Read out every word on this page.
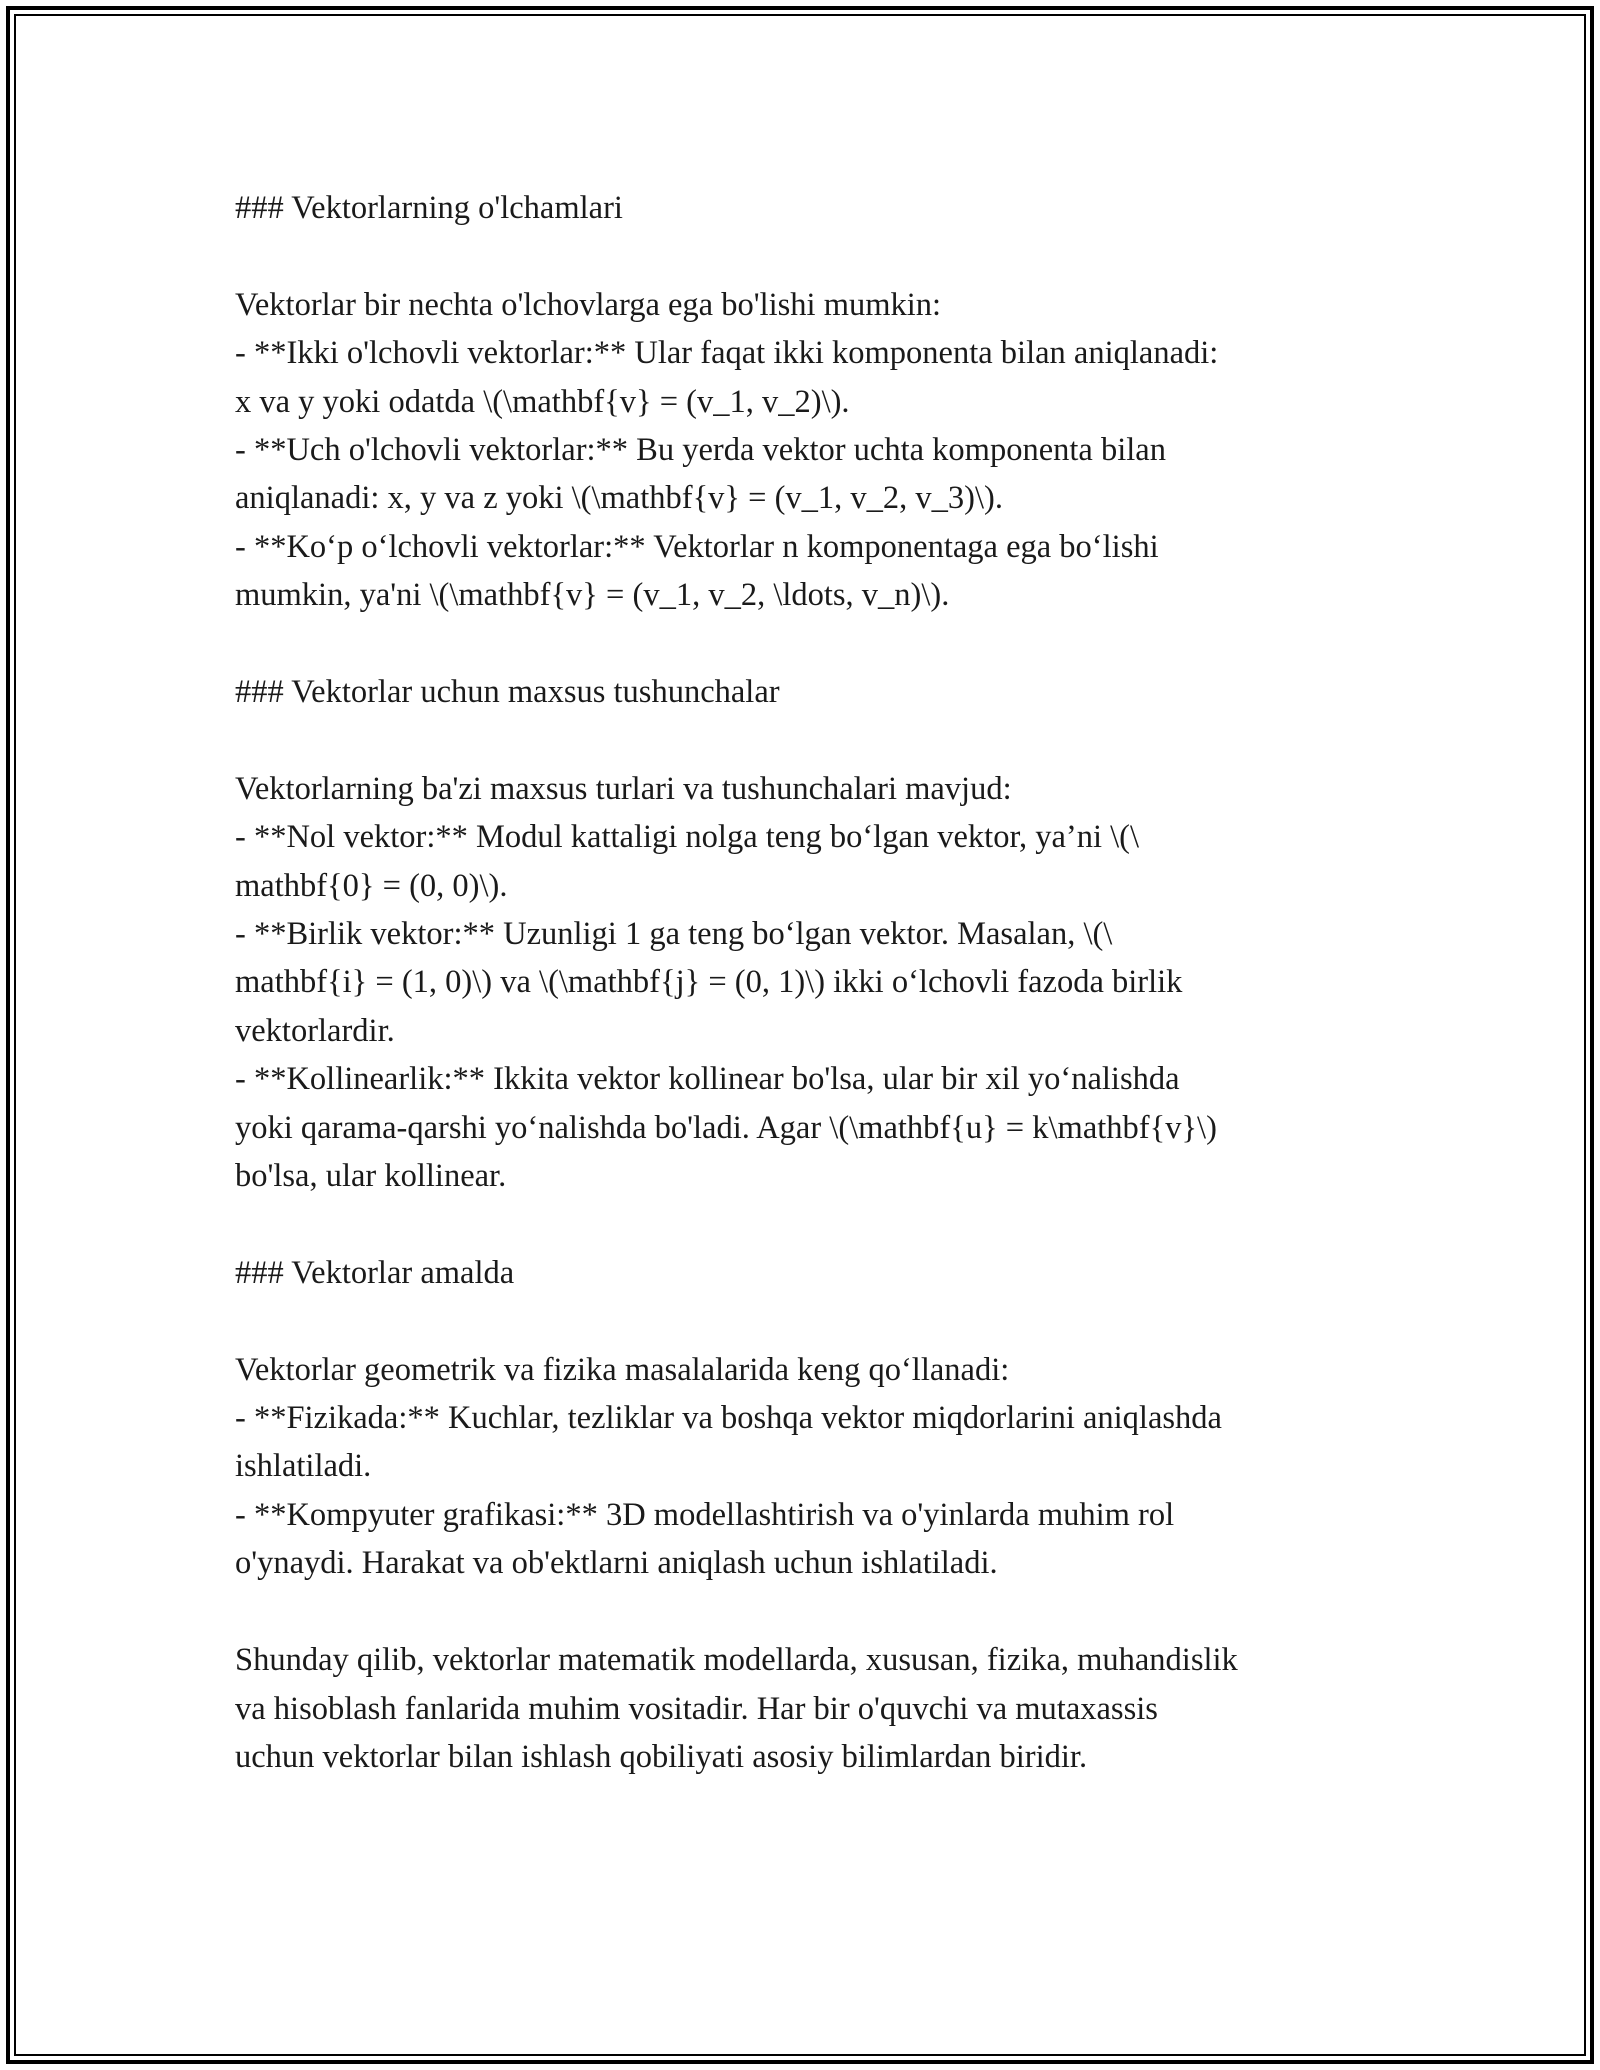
### Vektorlarning o'lchamlari

Vektorlar bir nechta o'lchovlarga ega bo'lishi mumkin:

- **Ikki o'lchovli vektorlar:** Ular faqat ikki komponenta bilan aniqlanadi:

x va y yoki odatda \(\mathbf{v} = (v_1, v_2)\).

- **Uch o'lchovli vektorlar:** Bu yerda vektor uchta komponenta bilan

aniqlanadi: x, y va z yoki \(\mathbf{v} = (v_1, v_2, v_3)\).

- **Ko‘p o‘lchovli vektorlar:** Vektorlar n komponentaga ega bo‘lishi

mumkin, ya'ni \(\mathbf{v} = (v_1, v_2, \ldots, v_n)\).

### Vektorlar uchun maxsus tushunchalar

Vektorlarning ba'zi maxsus turlari va tushunchalari mavjud:

- **Nol vektor:** Modul kattaligi nolga teng bo‘lgan vektor, ya’ni \(\

mathbf{0} = (0, 0)\).

- **Birlik vektor:** Uzunligi 1 ga teng bo‘lgan vektor. Masalan, \(\

mathbf{i} = (1, 0)\) va \(\mathbf{j} = (0, 1)\) ikki o‘lchovli fazoda birlik

vektorlardir.

- **Kollinearlik:** Ikkita vektor kollinear bo'lsa, ular bir xil yo‘nalishda

yoki qarama-qarshi yo‘nalishda bo'ladi. Agar \(\mathbf{u} = k\mathbf{v}\)

bo'lsa, ular kollinear.

### Vektorlar amalda

Vektorlar geometrik va fizika masalalarida keng qo‘llanadi:

- **Fizikada:** Kuchlar, tezliklar va boshqa vektor miqdorlarini aniqlashda

ishlatiladi.

- **Kompyuter grafikasi:** 3D modellashtirish va o'yinlarda muhim rol

o'ynaydi. Harakat va ob'ektlarni aniqlash uchun ishlatiladi.

Shunday qilib, vektorlar matematik modellarda, xususan, fizika, muhandislik

va hisoblash fanlarida muhim vositadir. Har bir o'quvchi va mutaxassis

uchun vektorlar bilan ishlash qobiliyati asosiy bilimlardan biridir.
